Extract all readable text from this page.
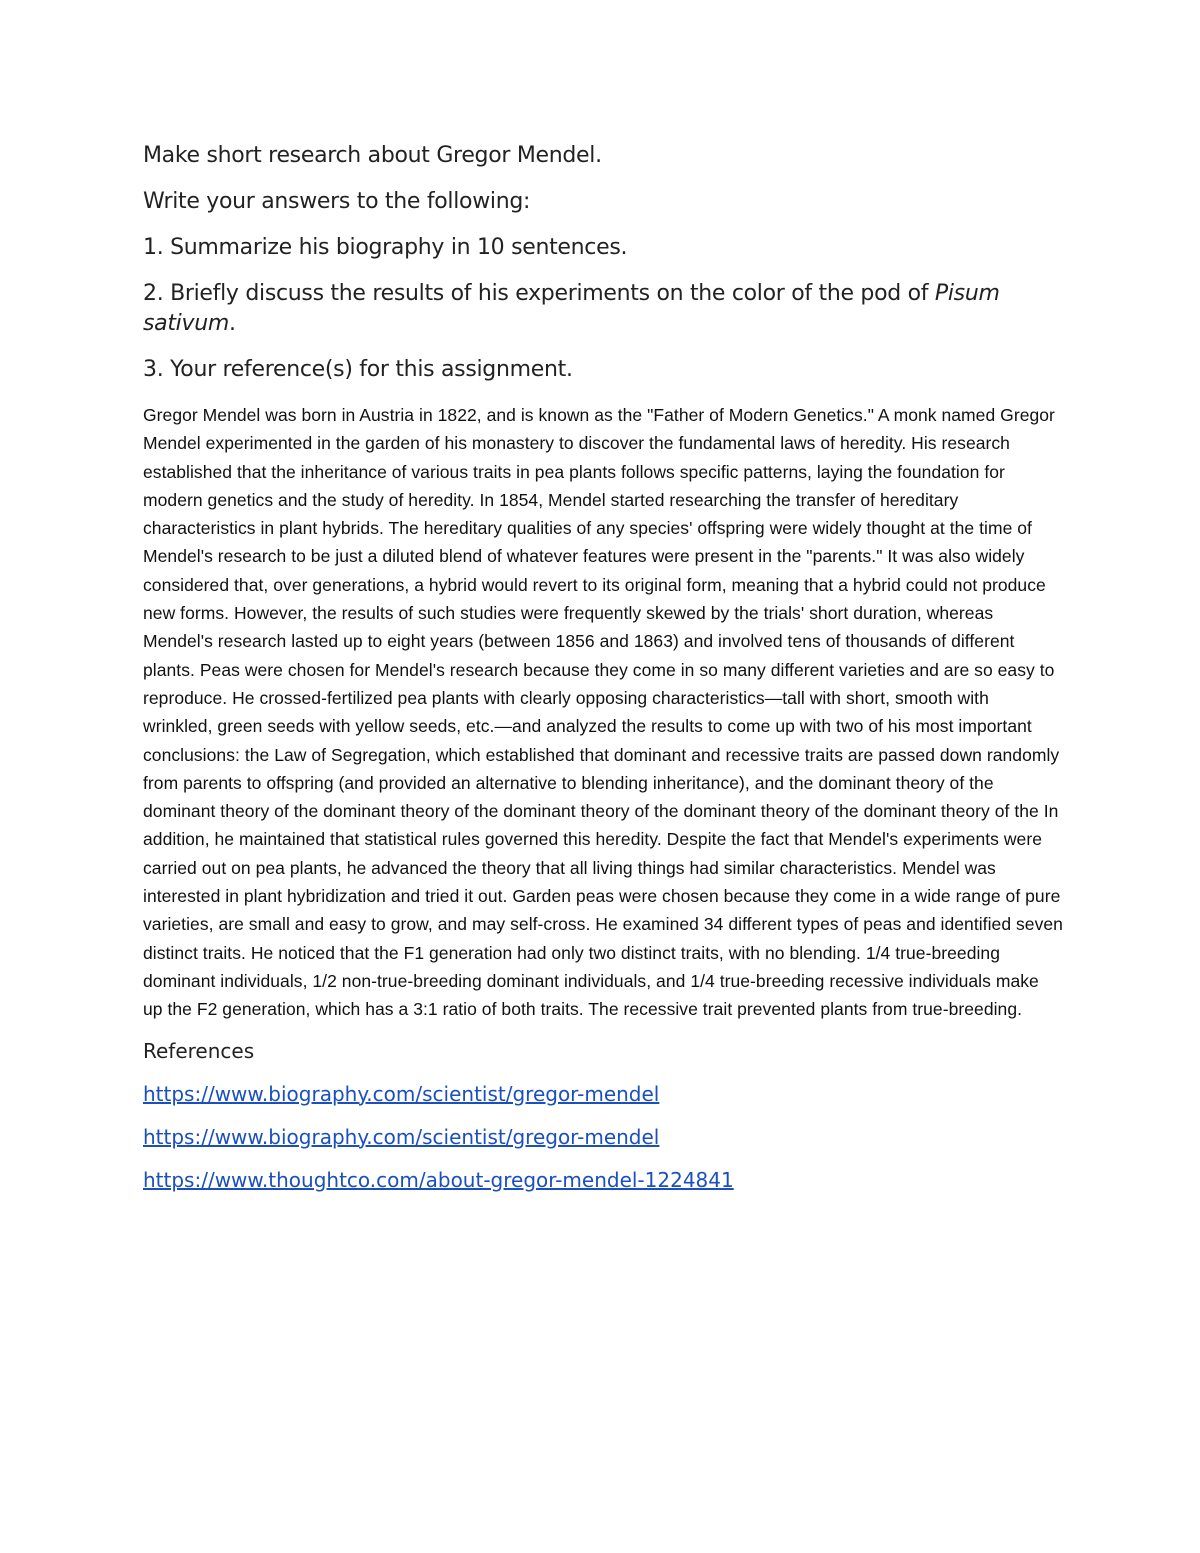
Make short research about Gregor Mendel.

Write your answers to the following:

1. Summarize his biography in 10 sentences.

2. Briefly discuss the results of his experiments on the color of the pod of Pisum sativum.

3. Your reference(s) for this assignment.

Gregor Mendel was born in Austria in 1822, and is known as the "Father of Modern Genetics." A monk named Gregor Mendel experimented in the garden of his monastery to discover the fundamental laws of heredity. His research established that the inheritance of various traits in pea plants follows specific patterns, laying the foundation for modern genetics and the study of heredity. In 1854, Mendel started researching the transfer of hereditary characteristics in plant hybrids. The hereditary qualities of any species' offspring were widely thought at the time of Mendel's research to be just a diluted blend of whatever features were present in the "parents." It was also widely considered that, over generations, a hybrid would revert to its original form, meaning that a hybrid could not produce new forms. However, the results of such studies were frequently skewed by the trials' short duration, whereas Mendel's research lasted up to eight years (between 1856 and 1863) and involved tens of thousands of different plants. Peas were chosen for Mendel's research because they come in so many different varieties and are so easy to reproduce. He crossed-fertilized pea plants with clearly opposing characteristics—tall with short, smooth with wrinkled, green seeds with yellow seeds, etc.—and analyzed the results to come up with two of his most important conclusions: the Law of Segregation, which established that dominant and recessive traits are passed down randomly from parents to offspring (and provided an alternative to blending inheritance), and the dominant theory of the dominant theory of the dominant theory of the dominant theory of the dominant theory of the dominant theory of the In addition, he maintained that statistical rules governed this heredity. Despite the fact that Mendel's experiments were carried out on pea plants, he advanced the theory that all living things had similar characteristics. Mendel was interested in plant hybridization and tried it out. Garden peas were chosen because they come in a wide range of pure varieties, are small and easy to grow, and may self-cross. He examined 34 different types of peas and identified seven distinct traits. He noticed that the F1 generation had only two distinct traits, with no blending. 1/4 true-breeding dominant individuals, 1/2 non-true-breeding dominant individuals, and 1/4 true-breeding recessive individuals make up the F2 generation, which has a 3:1 ratio of both traits. The recessive trait prevented plants from true-breeding.

References
https://www.biography.com/scientist/gregor-mendel
https://www.biography.com/scientist/gregor-mendel
https://www.thoughtco.com/about-gregor-mendel-1224841
